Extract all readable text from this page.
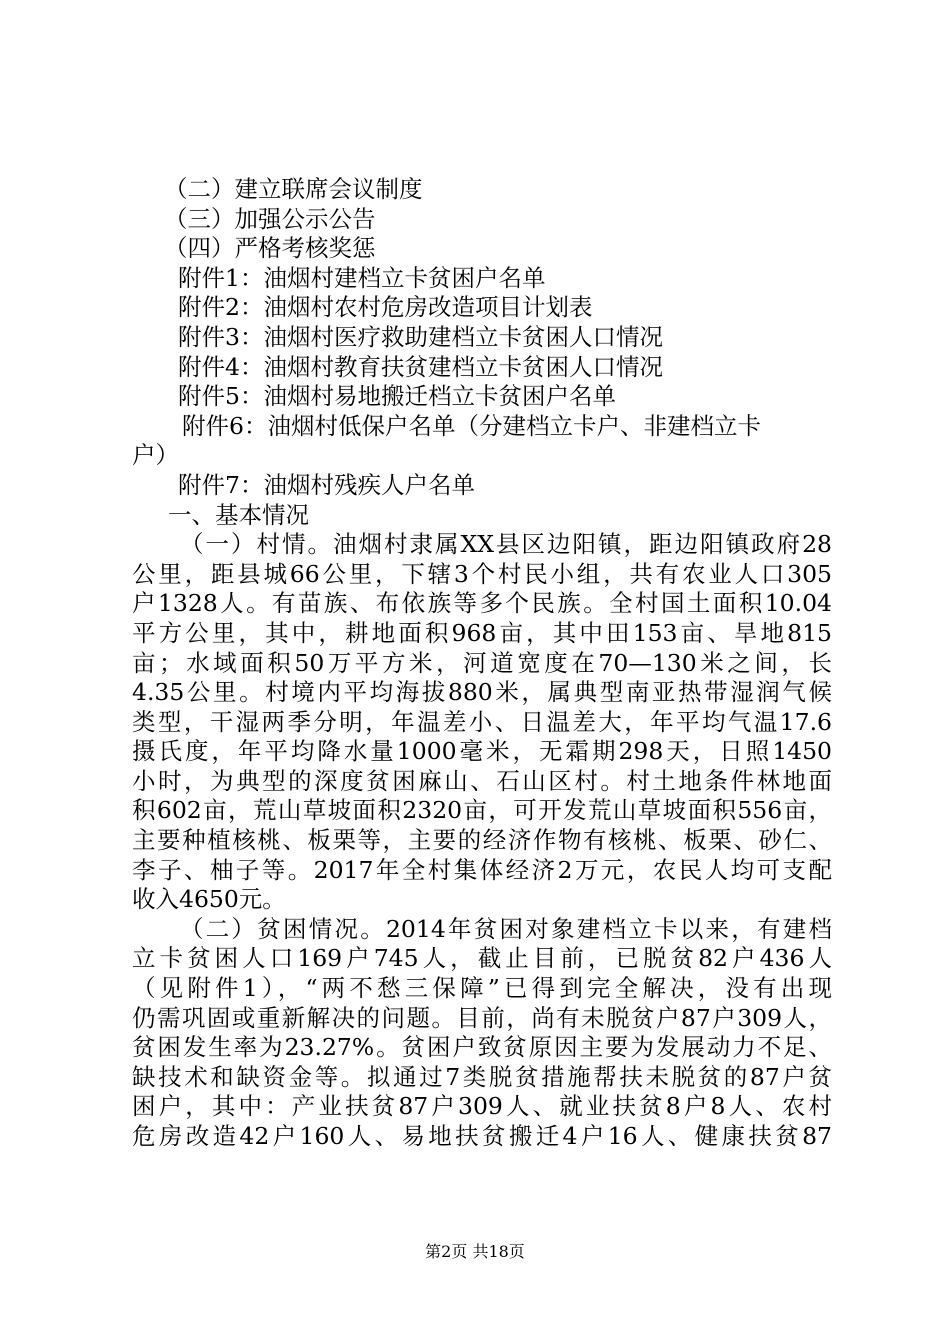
（二）建立联席会议制度
（三）加强公示公告
（四）严格考核奖惩
附件1：油烟村建档立卡贫困户名单
附件2：油烟村农村危房改造项目计划表
附件3：油烟村医疗救助建档立卡贫困人口情况
附件4：油烟村教育扶贫建档立卡贫困人口情况
附件5：油烟村易地搬迁档立卡贫困户名单
附件6：油烟村低保户名单（分建档立卡户、非建档立卡
户）
附件7：油烟村残疾人户名单
一、基本情况
（一）村情。油烟村隶属XX县区边阳镇，距边阳镇政府28
公里，距县城66公里，下辖3个村民小组，共有农业人口305
户1328人。有苗族、布依族等多个民族。全村国土面积10.04
平方公里，其中，耕地面积968亩，其中田153亩、旱地815
亩；水域面积50万平方米，河道宽度在70—130米之间，长
4.35公里。村境内平均海拔880米，属典型南亚热带湿润气候
类型，干湿两季分明，年温差小、日温差大，年平均气温17.6
摄氏度，年平均降水量1000毫米，无霜期298天，日照1450
小时，为典型的深度贫困麻山、石山区村。村土地条件林地面
积602亩，荒山草坡面积2320亩，可开发荒山草坡面积556亩，
主要种植核桃、板栗等，主要的经济作物有核桃、板栗、砂仁、
李子、柚子等。2017年全村集体经济2万元，农民人均可支配
收入4650元。
（二）贫困情况。2014年贫困对象建档立卡以来，有建档
立卡贫困人口169户745人，截止目前，已脱贫82户436人
（见附件1），“两不愁三保障”已得到完全解决，没有出现
仍需巩固或重新解决的问题。目前，尚有未脱贫户87户309人，
贫困发生率为23.27%。贫困户致贫原因主要为发展动力不足、
缺技术和缺资金等。拟通过7类脱贫措施帮扶未脱贫的87户贫
困户，其中：产业扶贫87户309人、就业扶贫8户8人、农村
危房改造42户160人、易地扶贫搬迁4户16人、健康扶贫87
第2页 共18页
